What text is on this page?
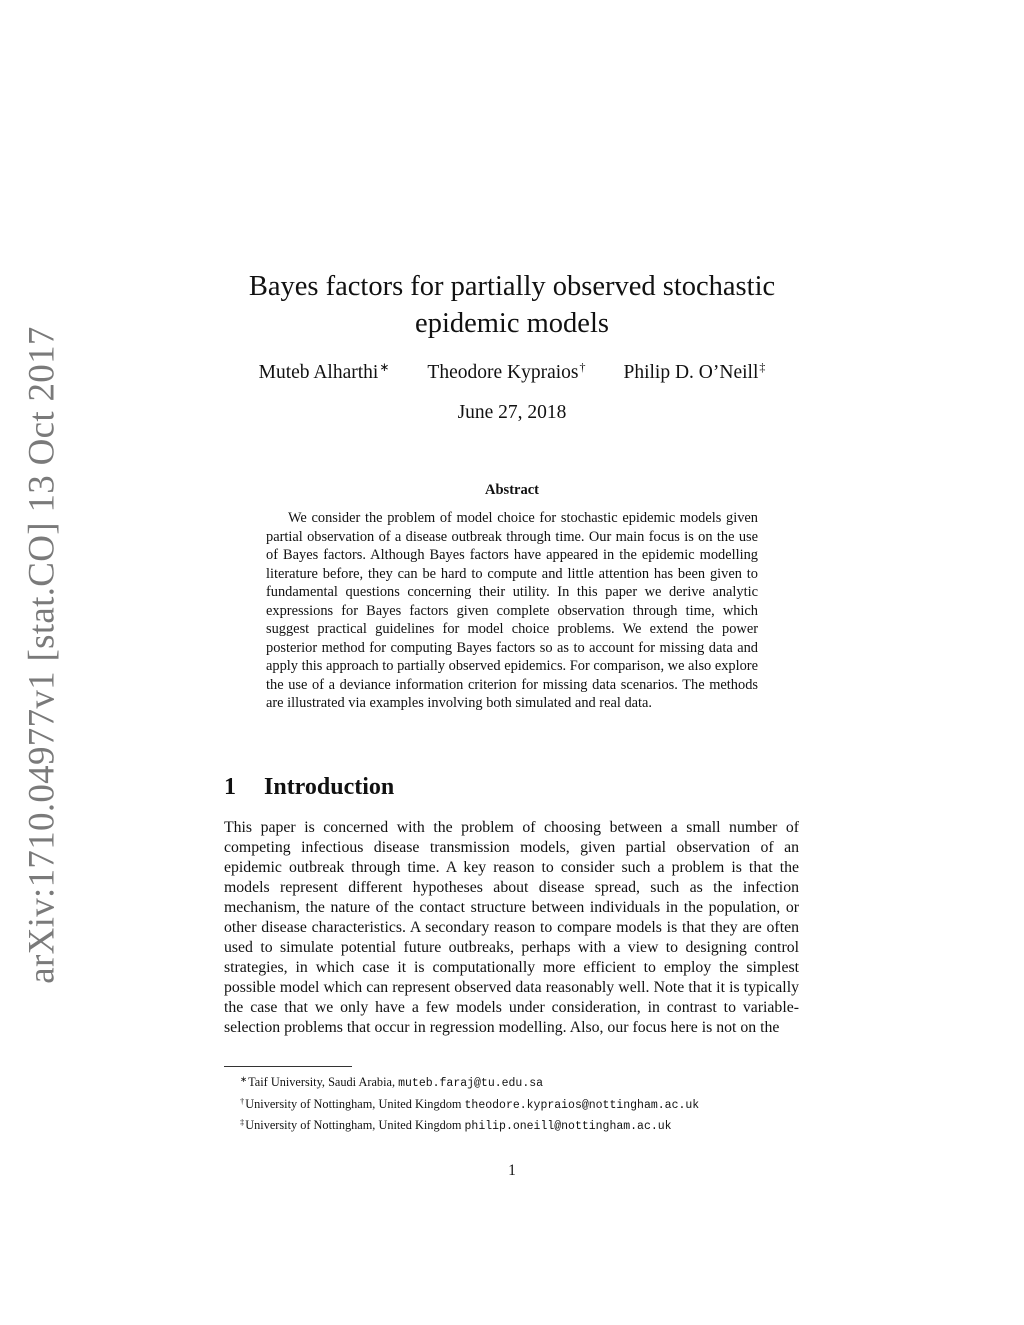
arXiv:1710.04977v1 [stat.CO] 13 Oct 2017
Bayes factors for partially observed stochastic
epidemic models
Muteb Alharthi∗ Theodore Kypraios† Philip D. O’Neill‡
June 27, 2018
Abstract
We consider the problem of model choice for stochastic epidemic models given partial observation of a disease outbreak through time. Our main focus is on the use of Bayes factors. Although Bayes factors have appeared in the epidemic modelling literature before, they can be hard to compute and little attention has been given to fundamental questions concerning their utility. In this paper we derive analytic expressions for Bayes factors given complete observation through time, which suggest practical guidelines for model choice problems. We extend the power posterior method for computing Bayes factors so as to account for missing data and apply this approach to partially observed epidemics. For comparison, we also explore the use of a deviance information criterion for missing data scenarios. The methods are illustrated via examples involving both simulated and real data.
1 Introduction
This paper is concerned with the problem of choosing between a small number of competing infectious disease transmission models, given partial observation of an epidemic outbreak through time. A key reason to consider such a problem is that the models represent different hypotheses about disease spread, such as the infection mechanism, the nature of the contact structure between individuals in the population, or other disease characteristics. A secondary reason to compare models is that they are often used to simulate potential future outbreaks, perhaps with a view to designing control strategies, in which case it is computationally more efficient to employ the simplest possible model which can represent observed data reasonably well. Note that it is typically the case that we only have a few models under consideration, in contrast to variable-selection problems that occur in regression modelling. Also, our focus here is not on the
∗Taif University, Saudi Arabia, muteb.faraj@tu.edu.sa
†University of Nottingham, United Kingdom theodore.kypraios@nottingham.ac.uk
‡University of Nottingham, United Kingdom philip.oneill@nottingham.ac.uk
1
